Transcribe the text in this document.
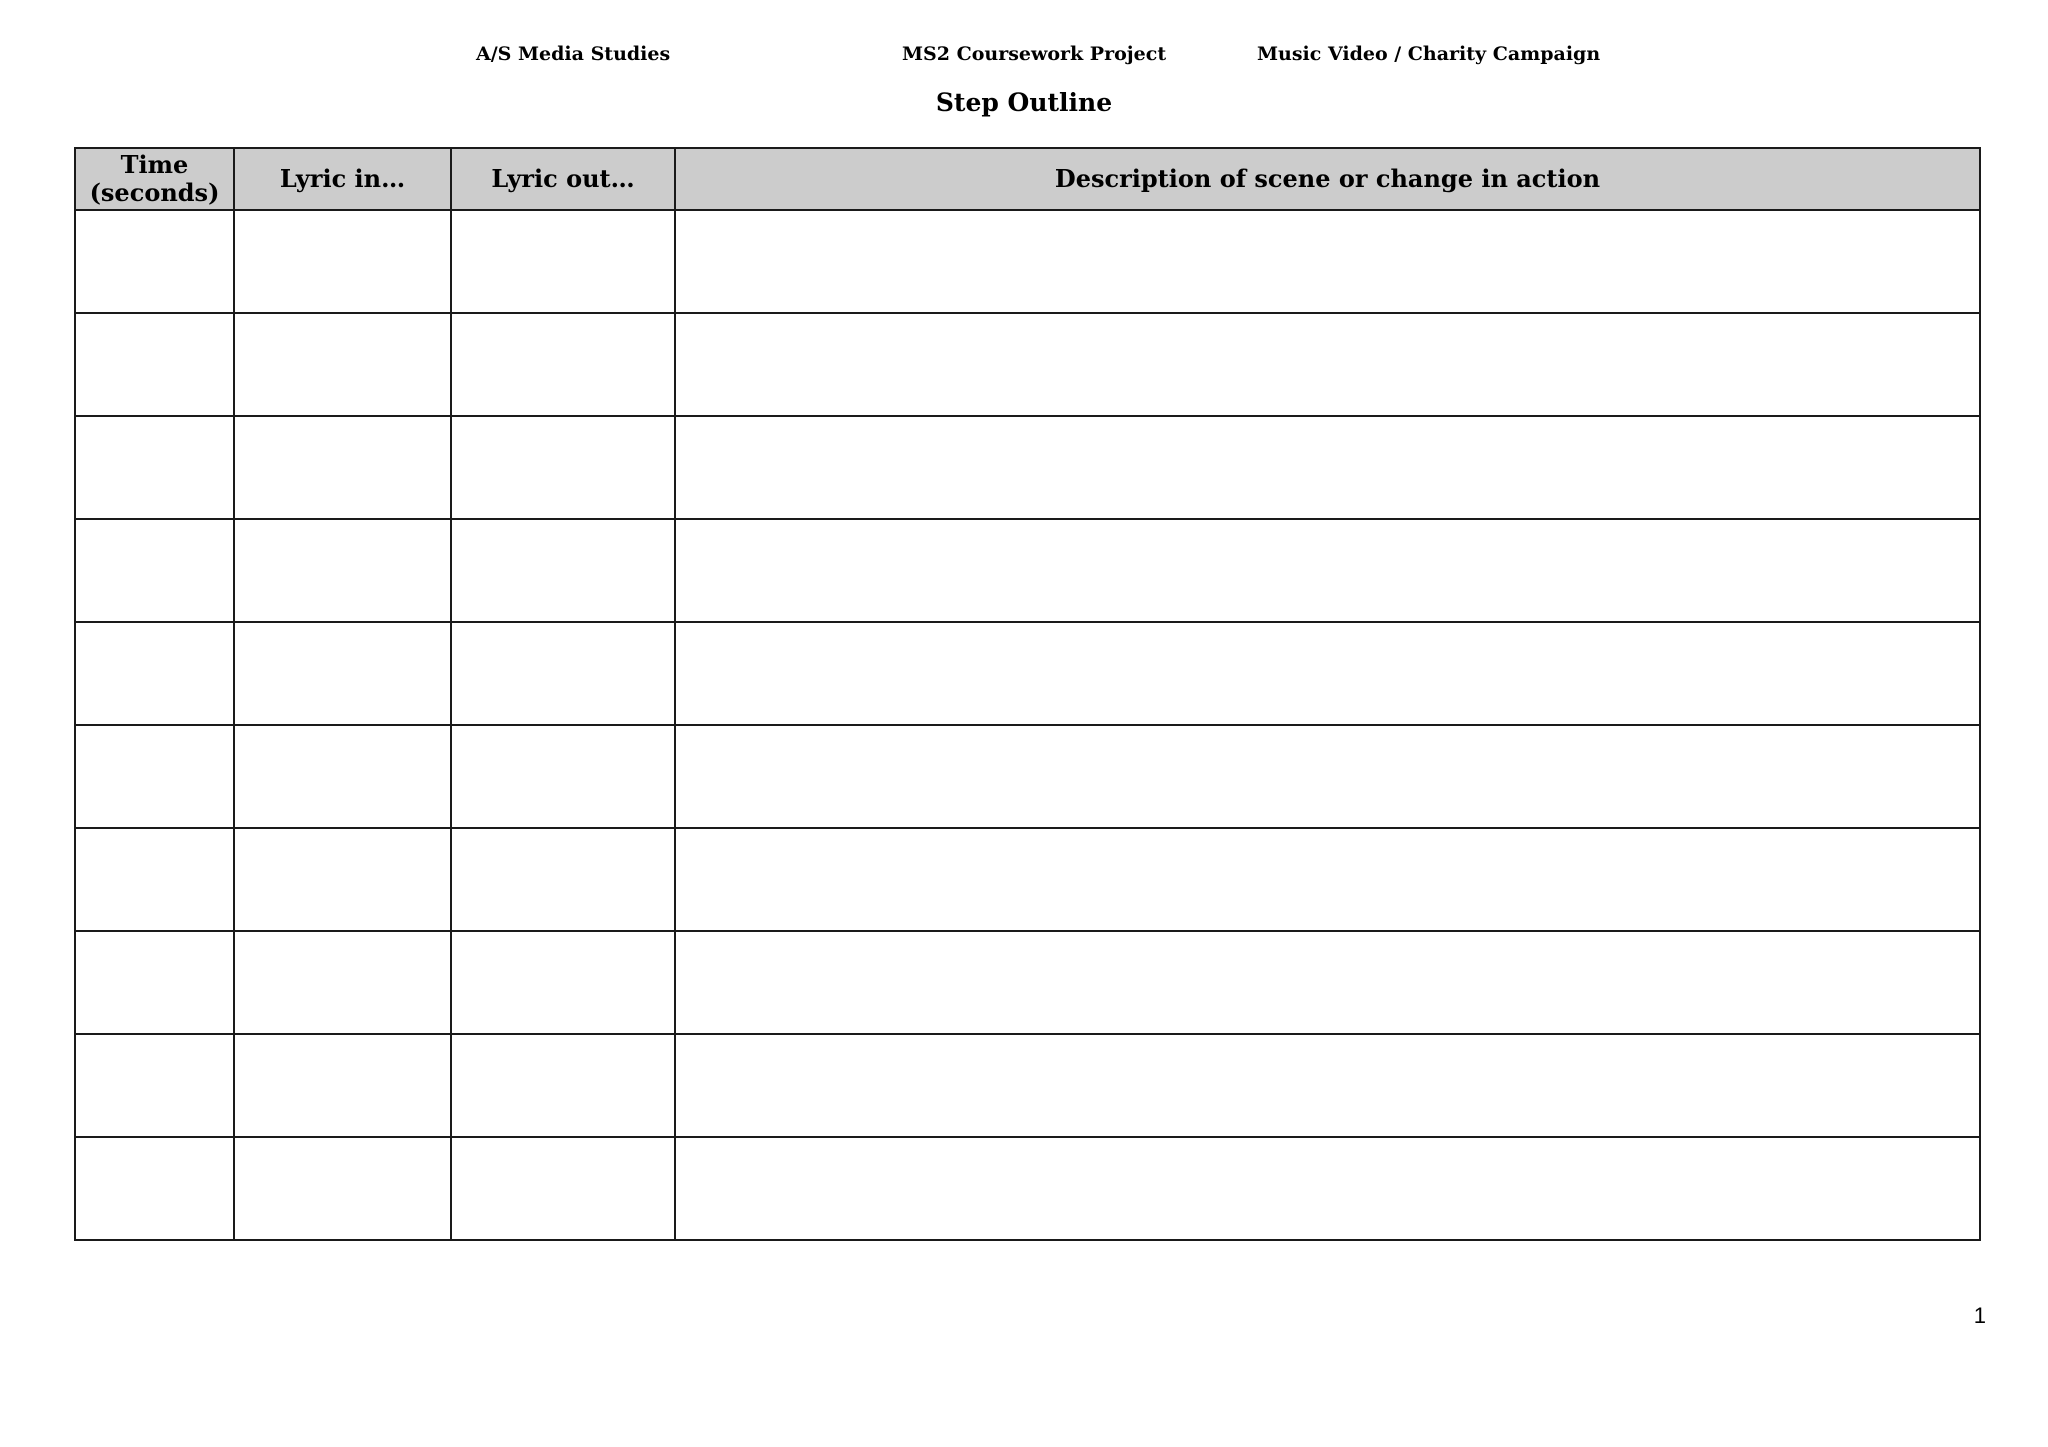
A/S Media Studies	MS2 Coursework Project	Music Video / Charity Campaign
Step Outline
Time
(seconds)	Lyric in…	Lyric out…	Description of scene or change in action

1
